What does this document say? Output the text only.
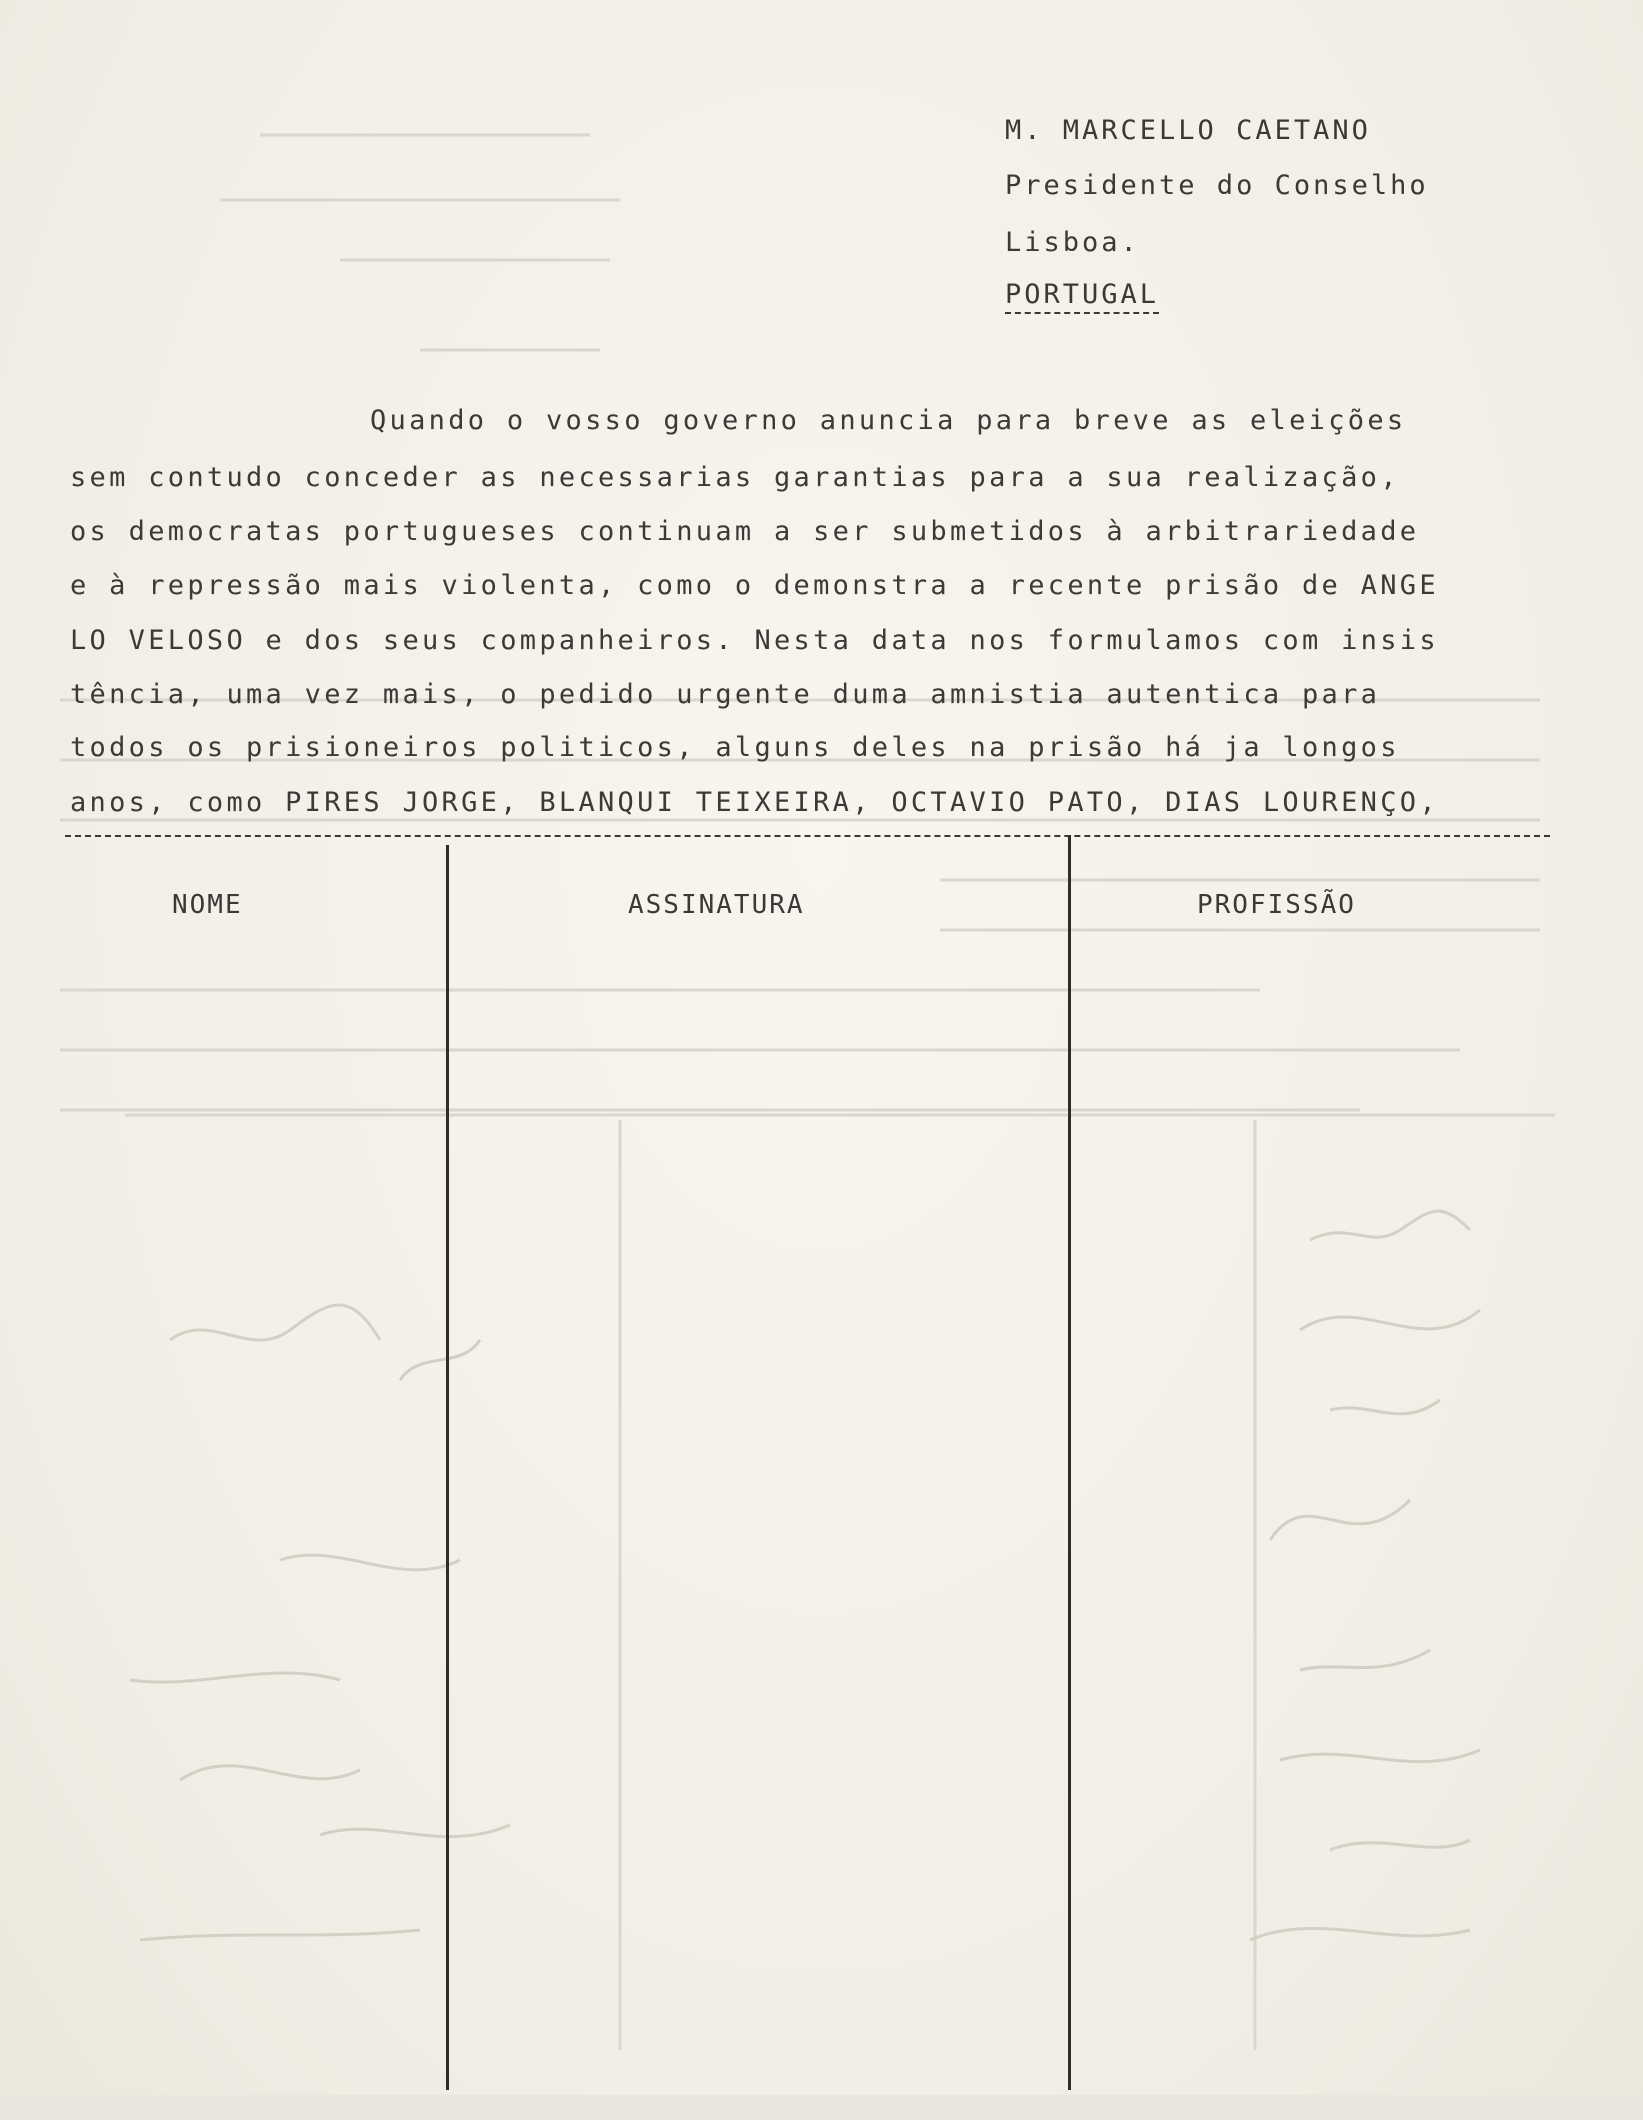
M. MARCELLO CAETANO
Presidente do Conselho
Lisboa.
PORTUGAL
Quando o vosso governo anuncia para breve as eleições
sem contudo conceder as necessarias garantias para a sua realização,
os democratas portugueses continuam a ser submetidos à arbitrariedade
e à repressão mais violenta, como o demonstra a recente prisão de ANGE
LO VELOSO e dos seus companheiros. Nesta data nos formulamos com insis
tência, uma vez mais, o pedido urgente duma amnistia autentica para
todos os prisioneiros politicos, alguns deles na prisão há ja longos
anos, como PIRES JORGE, BLANQUI TEIXEIRA, OCTAVIO PATO, DIAS LOURENÇO,
NOME	ASSINATURA	PROFISSÃO
